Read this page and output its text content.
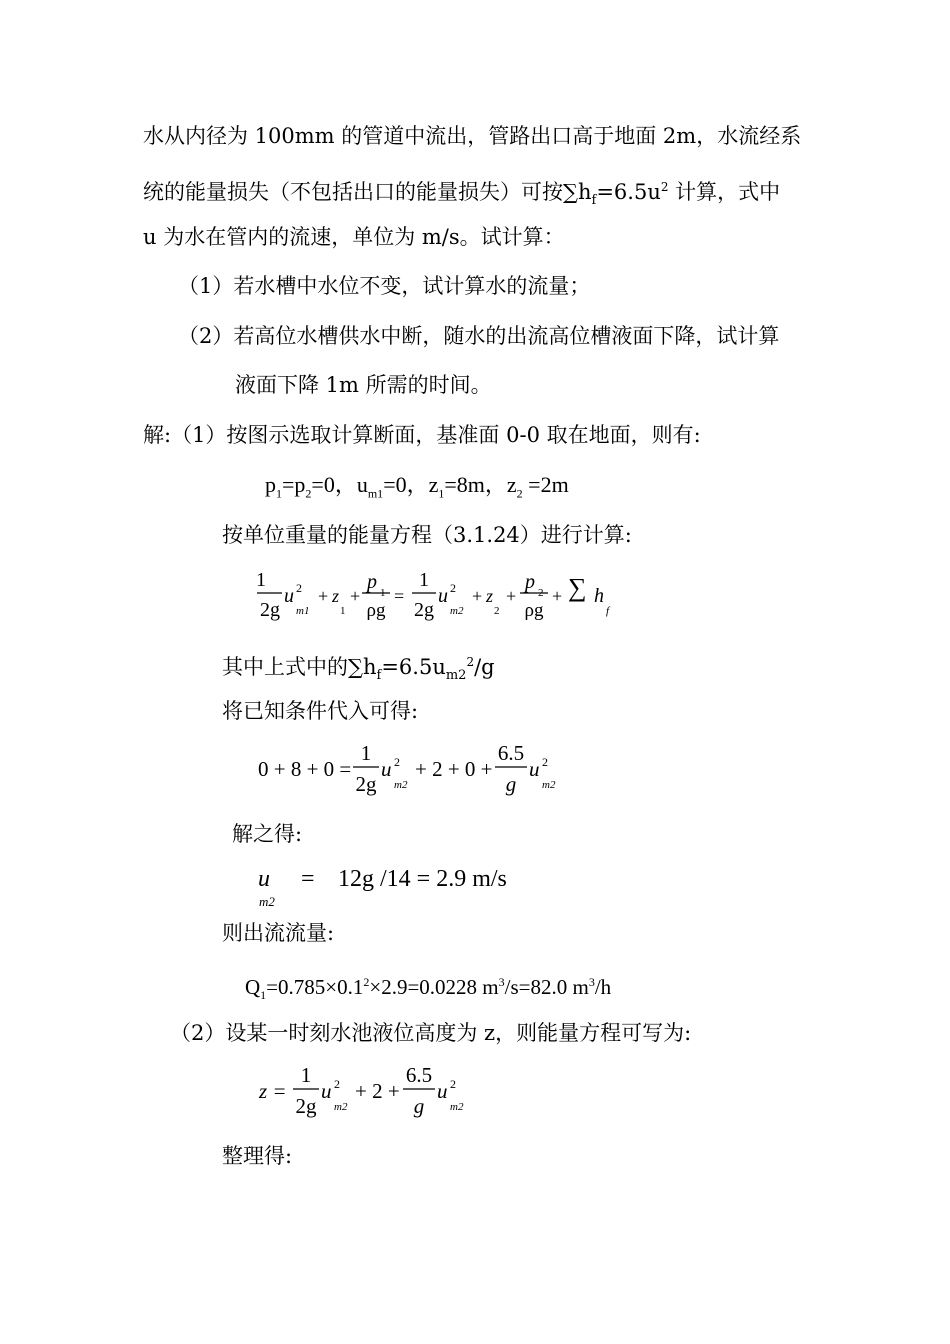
水从内径为 100mm 的管道中流出，管路出口高于地面 2m，水流经系
统的能量损失（不包括出口的能量损失）可按$\sum h_f=6.5u^2$ 计算，式中
u 为水在管内的流速，单位为 m/s。试计算：
（1）若水槽中水位不变，试计算水的流量；
（2）若高位水槽供水中断，随水的出流高位槽液面下降，试计算
液面下降 1m 所需的时间。
解:（1）按图示选取计算断面，基准面 0-0 取在地面，则有:
$p_1=p_2=0$，$u_{m1}=0$，$z_1=8m$，$z_2 =2m$
按单位重量的能量方程（3.1.24）进行计算:
1
2g
u 2
m1
+ z
1
+
p 1
ρg
=
1
2g
u 2
m2
+ z
2
+
p 2
ρg
+ ∑ h
f
其中上式中的$\sum h_f=6.5u_{m2}^2/g$
将已知条件代入可得:
0 + 8 + 0 =
1
2g
u 2
m2
+ 2 + 0 +
6.5
g
u 2
m2
解之得:
u
m2
= 12g /14 = 2.9 m/s
则出流流量:
$Q_1=0.785\times 0.1^2\times 2.9=0.0228$ $m^3/s=82.0$ $m^3/h$
（2）设某一时刻水池液位高度为 z，则能量方程可写为:
z =
1
2g
u 2
m2
+ 2 +
6.5
g
u 2
m2
整理得:
